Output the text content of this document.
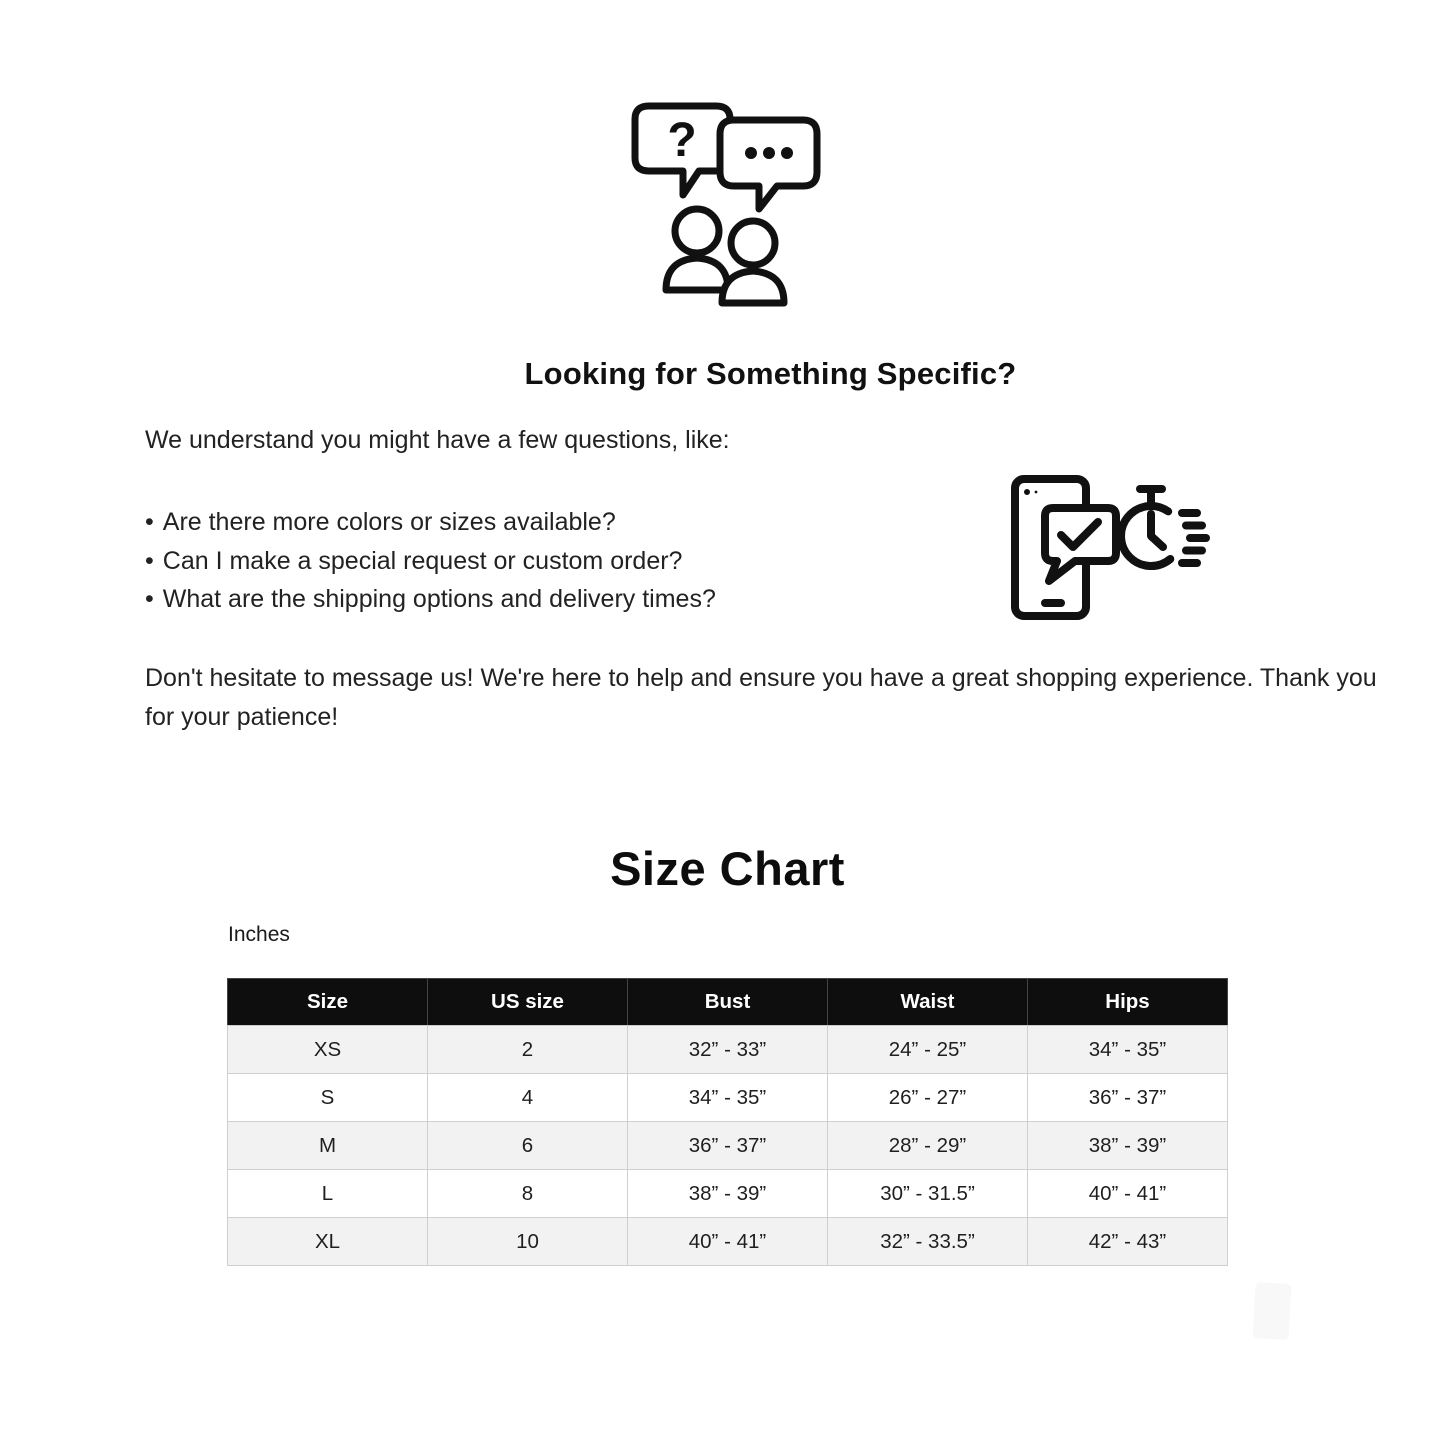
?
Looking for Something Specific?
We understand you might have a few questions, like:
• Are there more colors or sizes available?
• Can I make a special request or custom order?
• What are the shipping options and delivery times?
Don't hesitate to message us! We're here to help and ensure you have a great shopping experience. Thank you for your patience!
Size Chart
Inches
Size	US size	Bust	Waist	Hips
XS	2	32” - 33”	24” - 25”	34” - 35”
S	4	34” - 35”	26” - 27”	36” - 37”
M	6	36” - 37”	28” - 29”	38” - 39”
L	8	38” - 39”	30” - 31.5”	40” - 41”
XL	10	40” - 41”	32” - 33.5”	42” - 43”
